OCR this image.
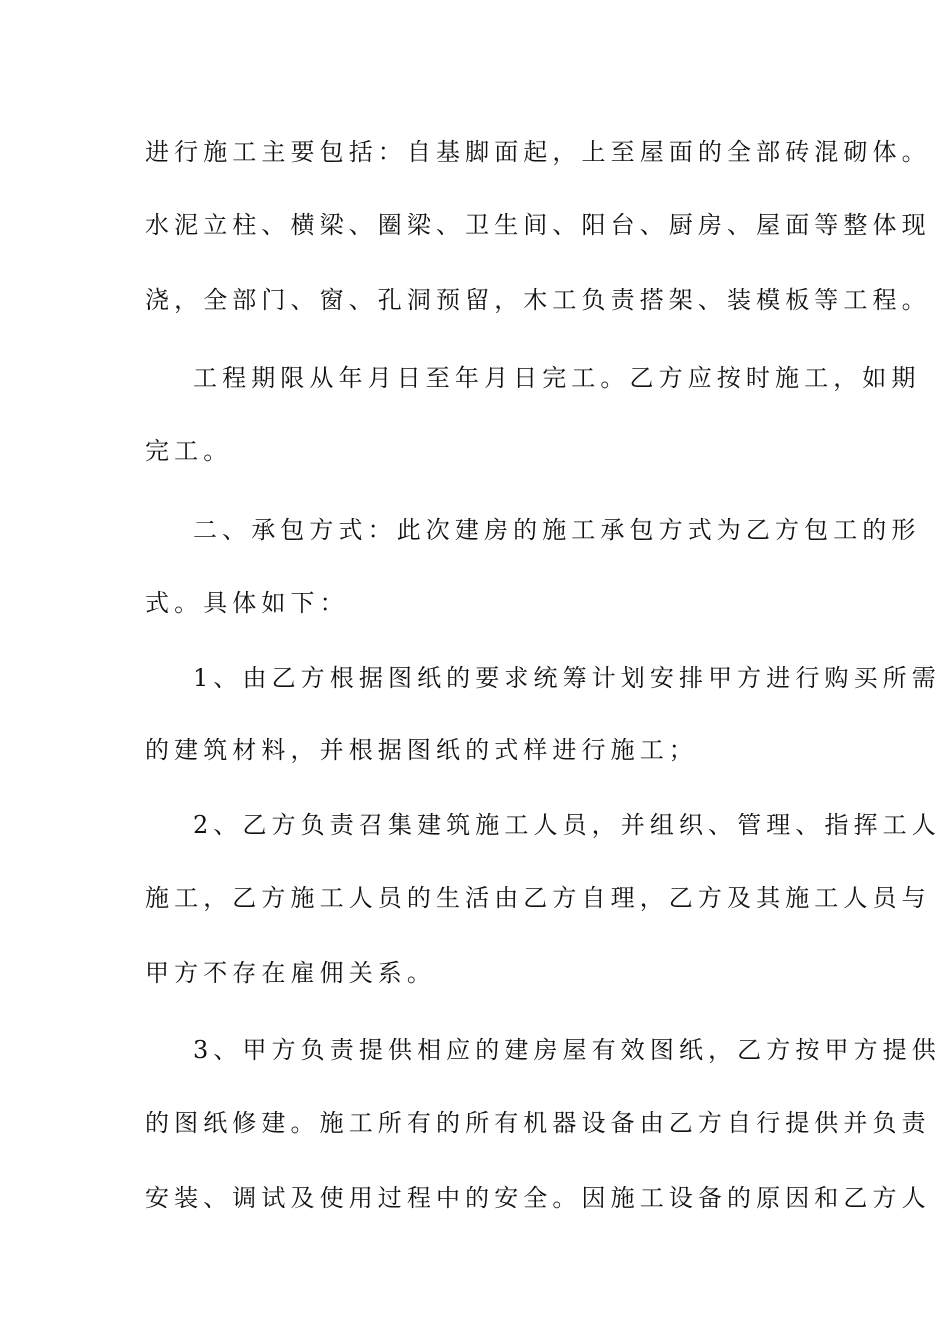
进行施工主要包括：自基脚面起，上至屋面的全部砖混砌体。
水泥立柱、横梁、圈梁、卫生间、阳台、厨房、屋面等整体现
浇，全部门、窗、孔洞预留，木工负责搭架、装模板等工程。
工程期限从年月日至年月日完工。乙方应按时施工，如期
完工。
二、承包方式：此次建房的施工承包方式为乙方包工的形
式。具体如下：
1、由乙方根据图纸的要求统筹计划安排甲方进行购买所需
的建筑材料，并根据图纸的式样进行施工；
2、乙方负责召集建筑施工人员，并组织、管理、指挥工人
施工，乙方施工人员的生活由乙方自理，乙方及其施工人员与
甲方不存在雇佣关系。
3、甲方负责提供相应的建房屋有效图纸，乙方按甲方提供
的图纸修建。施工所有的所有机器设备由乙方自行提供并负责
安装、调试及使用过程中的安全。因施工设备的原因和乙方人
